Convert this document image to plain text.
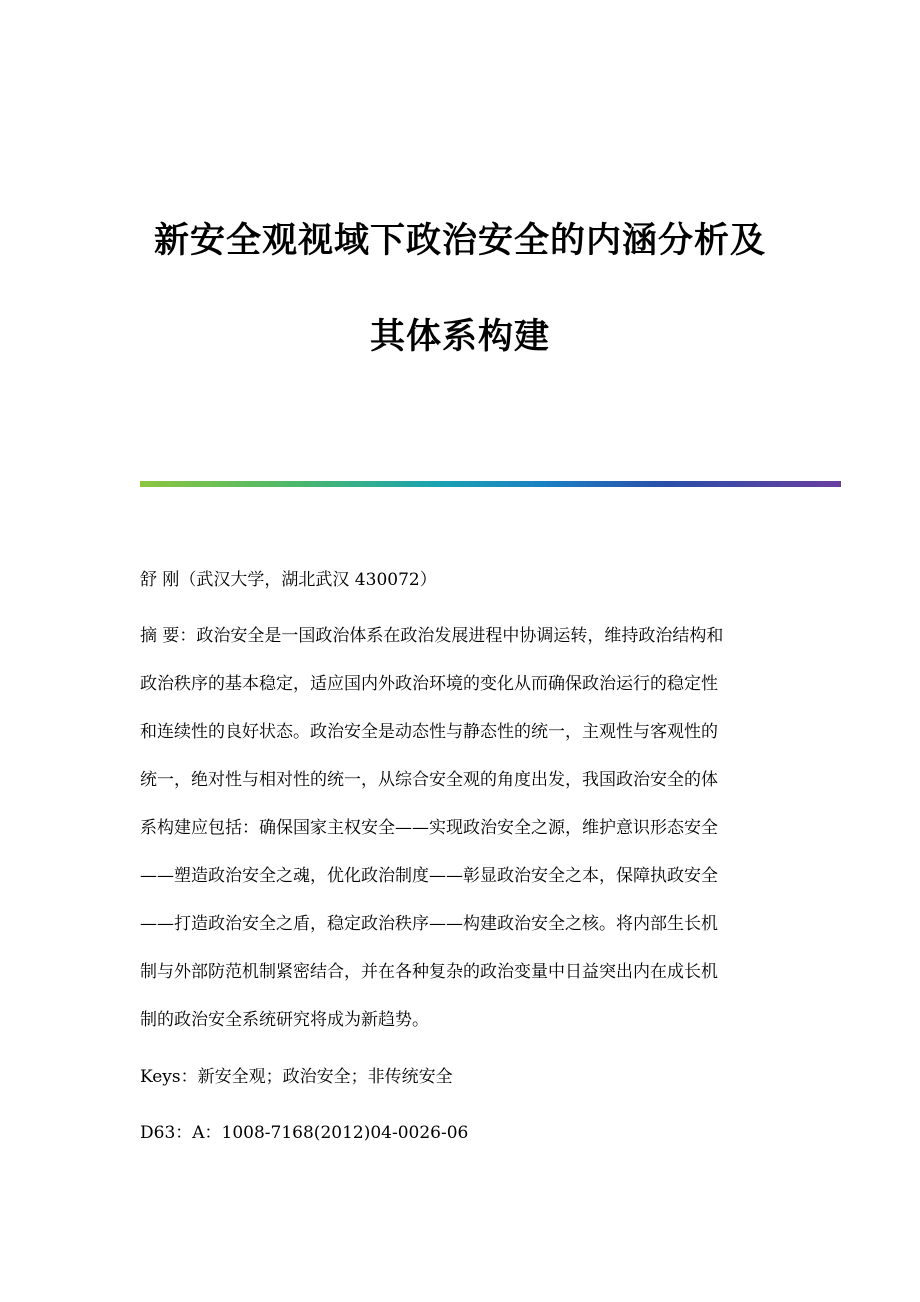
新安全观视域下政治安全的内涵分析及
其体系构建
舒 刚（武汉大学，湖北武汉 430072）
摘 要：政治安全是一国政治体系在政治发展进程中协调运转，维持政治结构和
政治秩序的基本稳定，适应国内外政治环境的变化从而确保政治运行的稳定性
和连续性的良好状态。政治安全是动态性与静态性的统一，主观性与客观性的
统一，绝对性与相对性的统一，从综合安全观的角度出发，我国政治安全的体
系构建应包括：确保国家主权安全——实现政治安全之源，维护意识形态安全
——塑造政治安全之魂，优化政治制度——彰显政治安全之本，保障执政安全
——打造政治安全之盾，稳定政治秩序——构建政治安全之核。将内部生长机
制与外部防范机制紧密结合，并在各种复杂的政治变量中日益突出内在成长机
制的政治安全系统研究将成为新趋势。
Keys：新安全观；政治安全；非传统安全
D63：A：1008-7168(2012)04-0026-06
